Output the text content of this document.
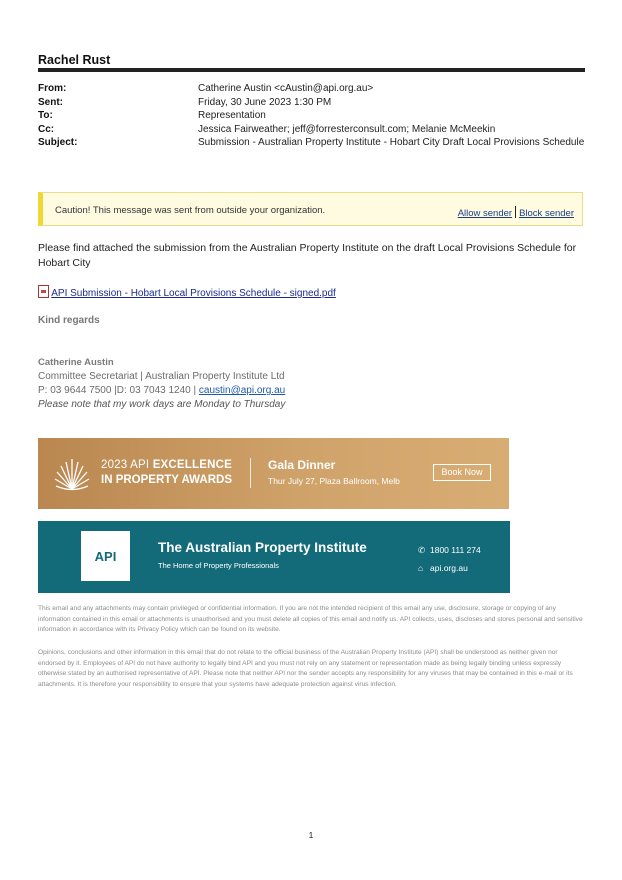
Rachel Rust
From:	Catherine Austin <cAustin@api.org.au>
Sent:	Friday, 30 June 2023 1:30 PM
To:	Representation
Cc:	Jessica Fairweather; jeff@forresterconsult.com; Melanie McMeekin
Subject:	Submission - Australian Property Institute - Hobart City Draft Local Provisions Schedule
Caution! This message was sent from outside your organization.	Allow sender Block sender
Please find attached the submission from the Australian Property Institute on the draft Local Provisions Schedule for Hobart City
API Submission - Hobart Local Provisions Schedule - signed.pdf
Kind regards
Catherine Austin
Committee Secretariat | Australian Property Institute Ltd
P: 03 9644 7500 |D: 03 7043 1240 | caustin@api.org.au
Please note that my work days are Monday to Thursday
2023 API EXCELLENCE
IN PROPERTY AWARDS
Gala Dinner
Thur July 27, Plaza Ballroom, Melb
Book Now
API
The Australian Property Institute
The Home of Property Professionals
✆ 1800 111 274
⌂ api.org.au
This email and any attachments may contain privileged or confidential information. If you are not the intended recipient of this email any use, disclosure, storage or copying of any information contained in this email or attachments is unauthorised and you must delete all copies of this email and notify us. API collects, uses, discloses and stores personal and sensitive information in accordance with its Privacy Policy which can be found on its website.
Opinions, conclusions and other information in this email that do not relate to the official business of the Australian Property Institute (API) shall be understood as neither given nor endorsed by it. Employees of API do not have authority to legally bind API and you must not rely on any statement or representation made as being legally binding unless expressly otherwise stated by an authorised representative of API. Please note that neither API nor the sender accepts any responsibility for any viruses that may be contained in this e-mail or its attachments. It is therefore your responsibility to ensure that your systems have adequate protection against virus infection.
1
